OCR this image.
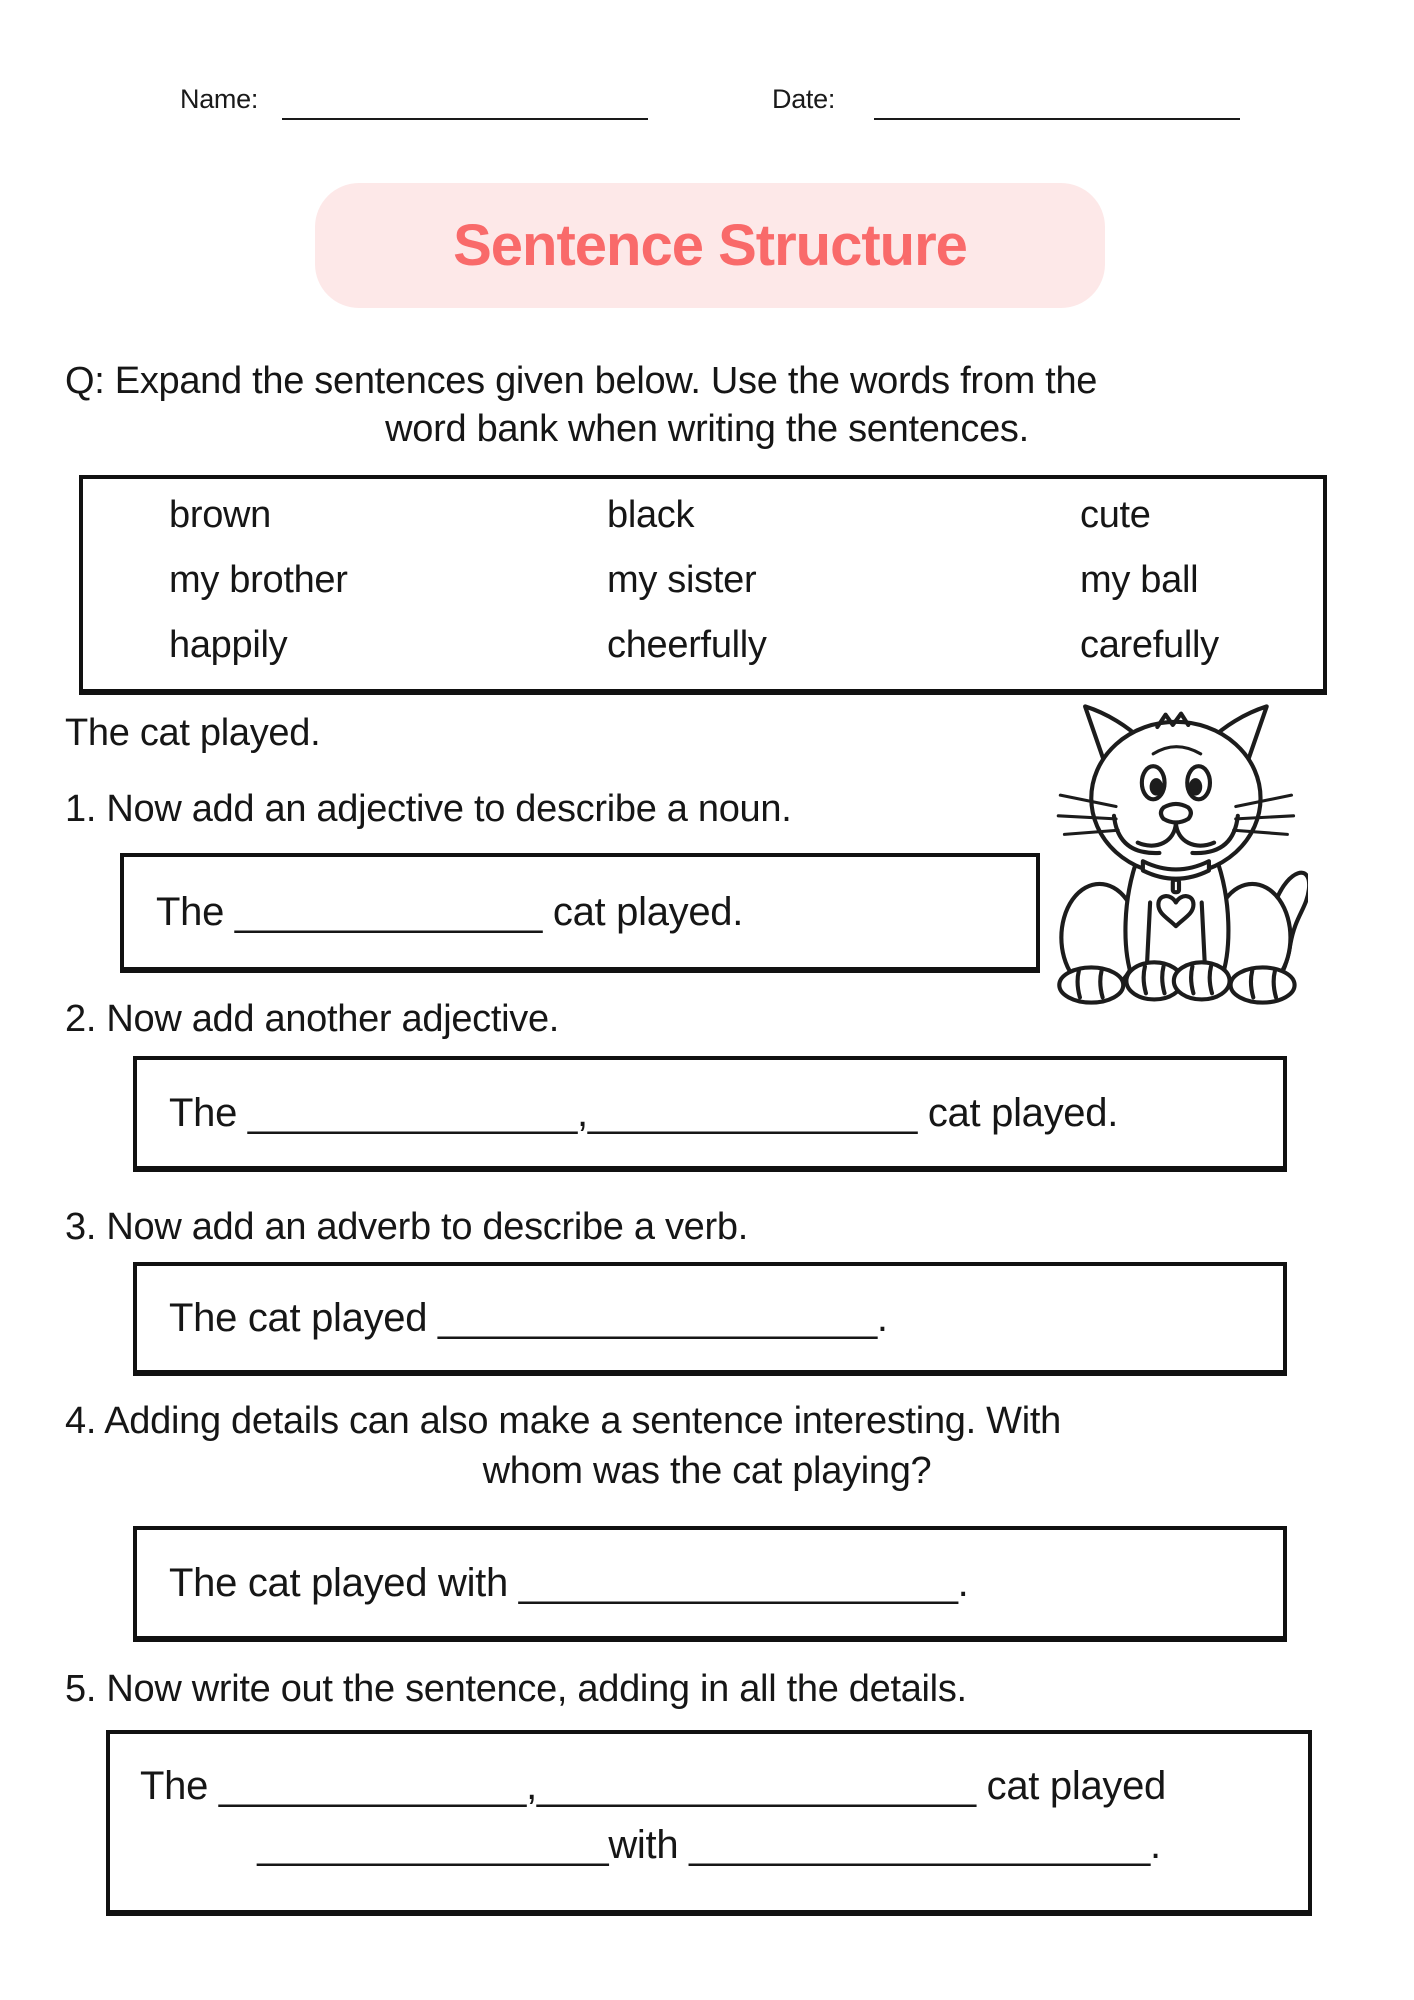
Name:	Date:
Sentence Structure
Q: Expand the sentences given below. Use the words from the
word bank when writing the sentences.
brown	black	cute
my brother	my sister	my ball
happily	cheerfully	carefully
The cat played.
1. Now add an adjective to describe a noun.
The ______________ cat played.
2. Now add another adjective.
The _______________,_______________ cat played.
3. Now add an adverb to describe a verb.
The cat played ____________________.
4. Adding details can also make a sentence interesting. With
whom was the cat playing?
The cat played with ____________________.
5. Now write out the sentence, adding in all the details.
The ______________,____________________ cat played
________________with _____________________.
